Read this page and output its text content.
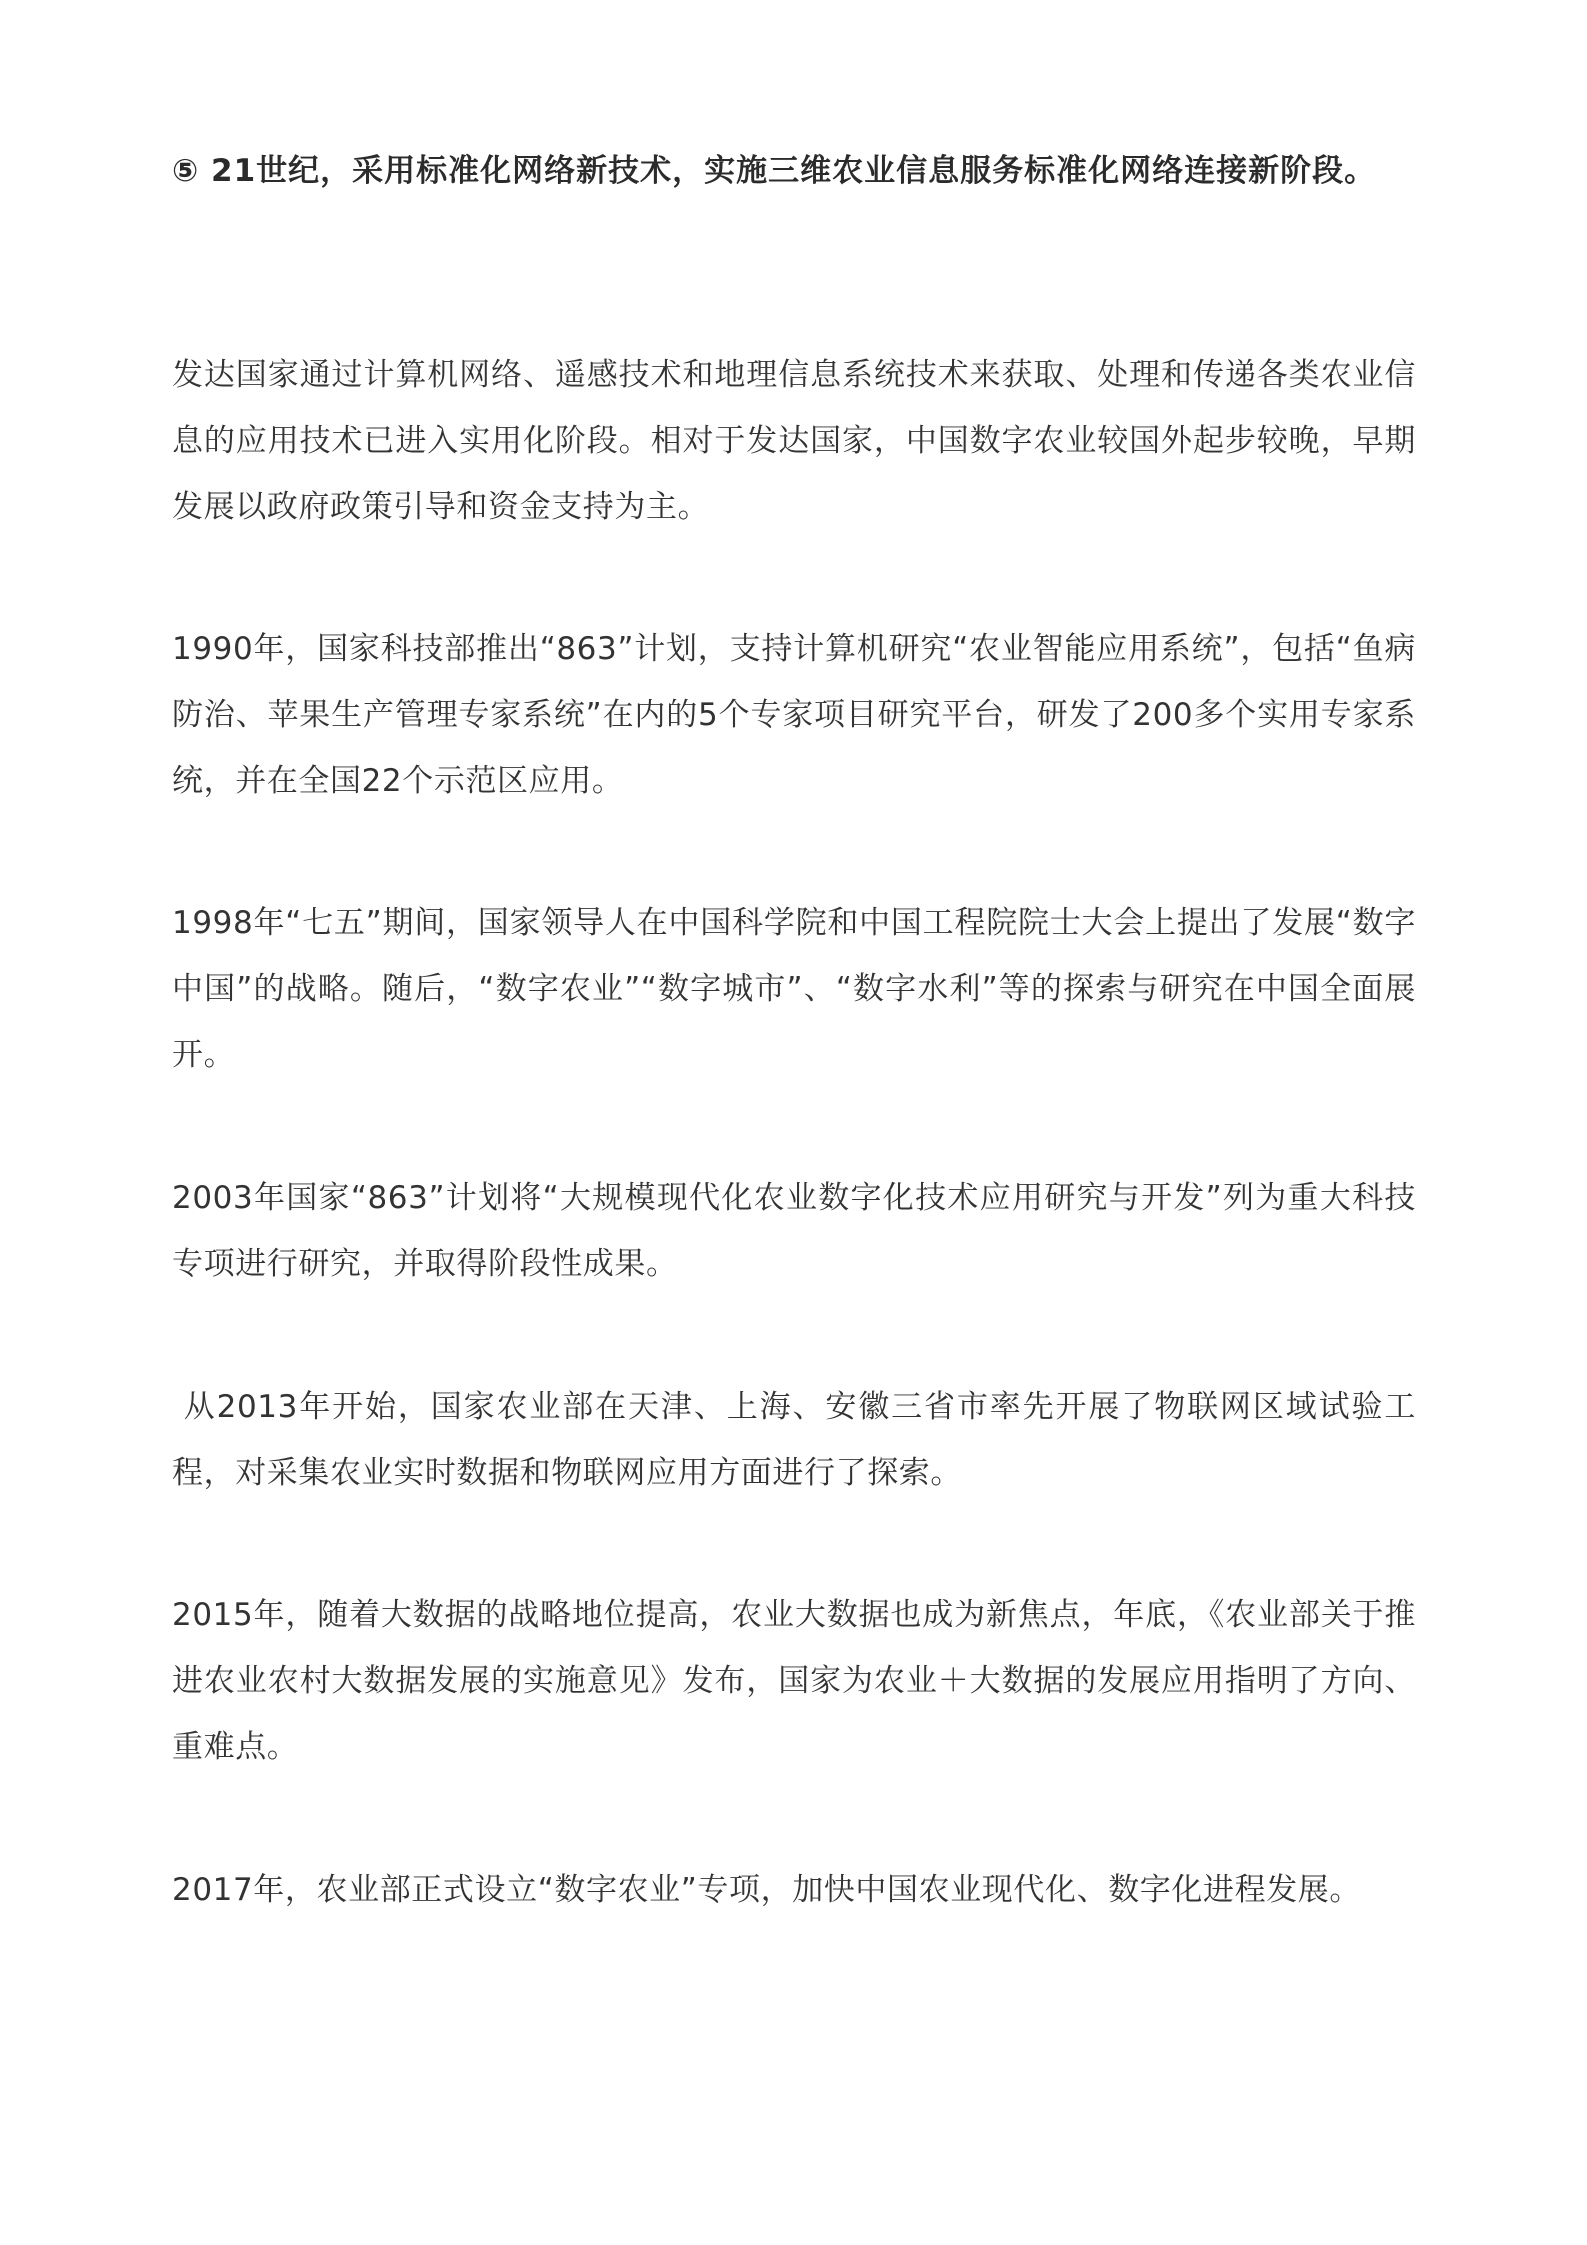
⑤ 21世纪，采用标准化网络新技术，实施三维农业信息服务标准化网络连接新阶段。

发达国家通过计算机网络、遥感技术和地理信息系统技术来获取、处理和传递各类农业信息的应用技术已进入实用化阶段。相对于发达国家，中国数字农业较国外起步较晚，早期发展以政府政策引导和资金支持为主。

1990年，国家科技部推出“863”计划，支持计算机研究“农业智能应用系统”，包括“鱼病防治、苹果生产管理专家系统”在内的5个专家项目研究平台，研发了200多个实用专家系统，并在全国22个示范区应用。

1998年“七五”期间，国家领导人在中国科学院和中国工程院院士大会上提出了发展“数字中国”的战略。随后，“数字农业”“数字城市”、“数字水利”等的探索与研究在中国全面展开。

2003年国家“863”计划将“大规模现代化农业数字化技术应用研究与开发”列为重大科技专项进行研究，并取得阶段性成果。

从2013年开始，国家农业部在天津、上海、安徽三省市率先开展了物联网区域试验工程，对采集农业实时数据和物联网应用方面进行了探索。

2015年，随着大数据的战略地位提高，农业大数据也成为新焦点，年底，《农业部关于推进农业农村大数据发展的实施意见》发布，国家为农业＋大数据的发展应用指明了方向、重难点。

2017年，农业部正式设立“数字农业”专项，加快中国农业现代化、数字化进程发展。
